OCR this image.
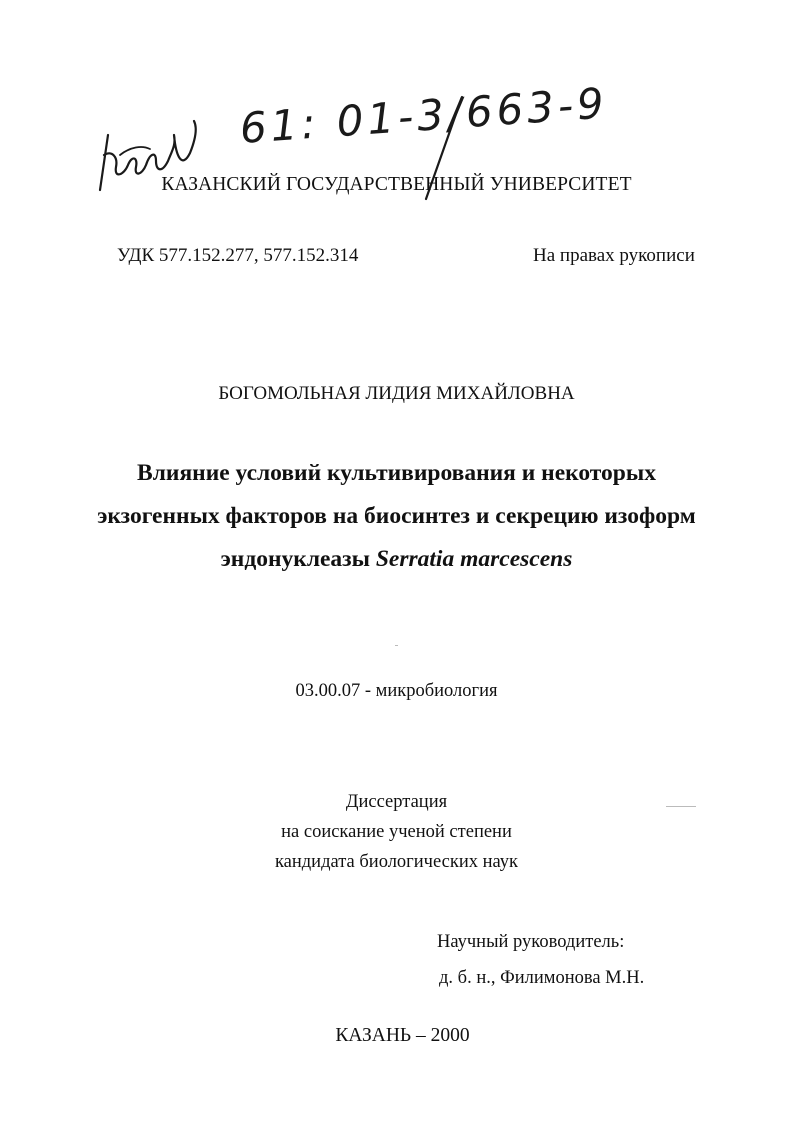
61: 01-3/663-9
КАЗАНСКИЙ ГОСУДАРСТВЕННЫЙ УНИВЕРСИТЕТ
УДК 577.152.277, 577.152.314	На правах рукописи
БОГОМОЛЬНАЯ ЛИДИЯ МИХАЙЛОВНА
Влияние условий культивирования и некоторых
экзогенных факторов на биосинтез и секрецию изоформ
эндонуклеазы Serratia marcescens
03.00.07 - микробиология
Диссертация
на соискание ученой степени
кандидата биологических наук
Научный руководитель:
д. б. н., Филимонова М.Н.
КАЗАНЬ – 2000
